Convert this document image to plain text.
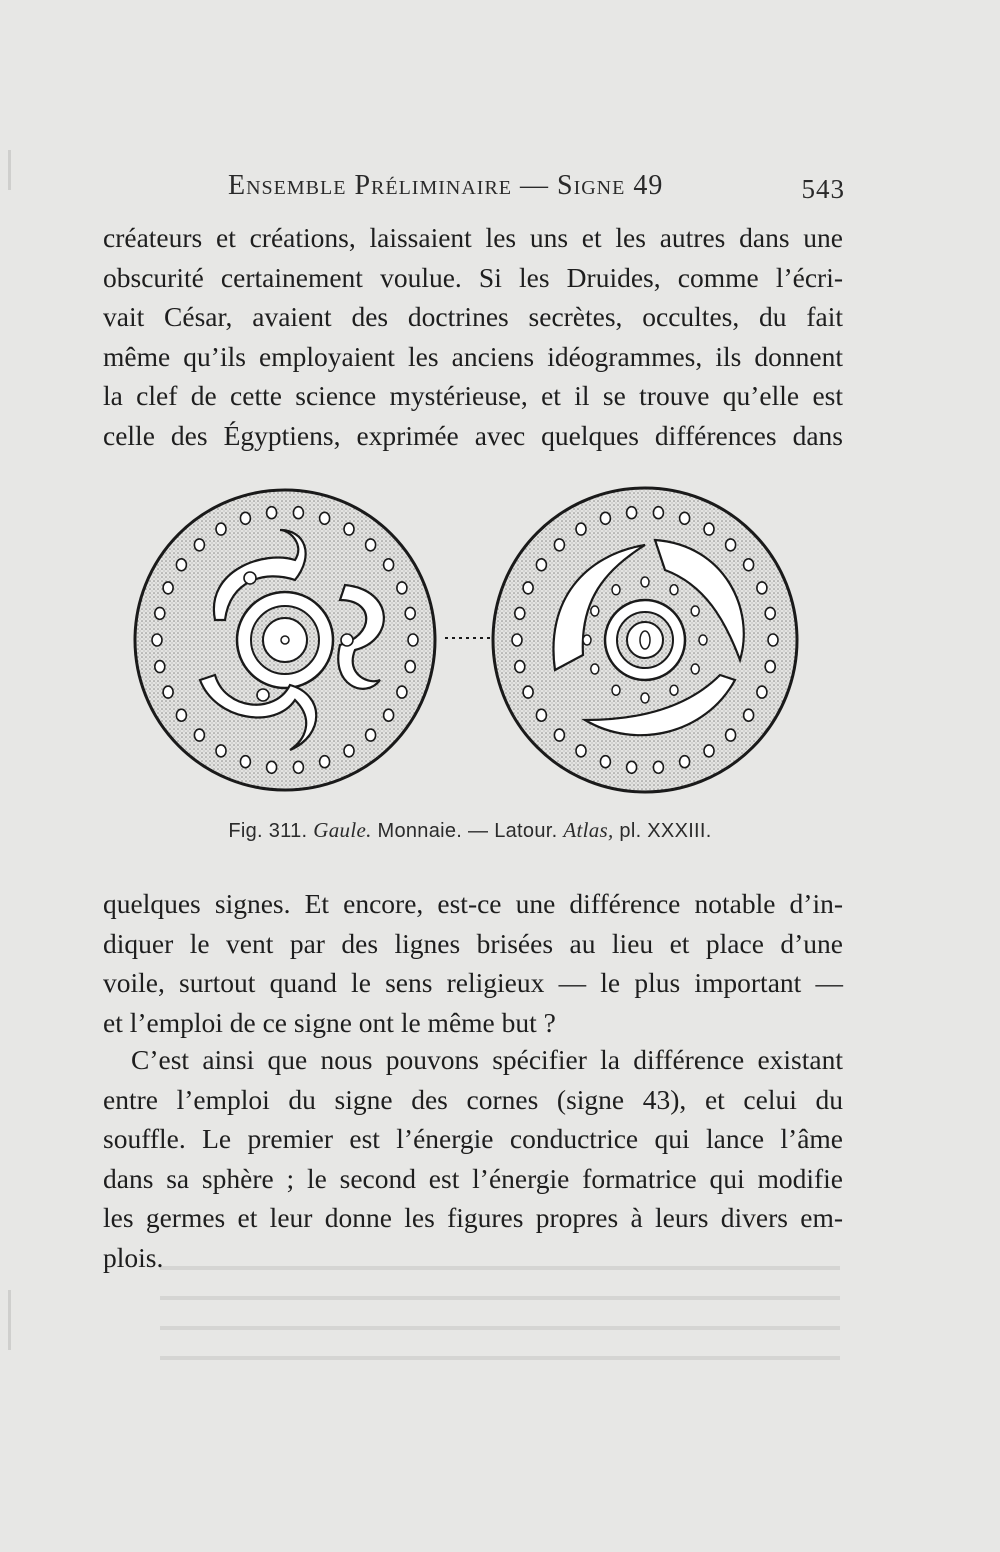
Ensemble Préliminaire — Signe 49	543
créateurs et créations, laissaient les uns et les autres dans une
obscurité certainement voulue. Si les Druides, comme l’écri-
vait César, avaient des doctrines secrètes, occultes, du fait
même qu’ils employaient les anciens idéogrammes, ils donnent
la clef de cette science mystérieuse, et il se trouve qu’elle est
celle des Égyptiens, exprimée avec quelques différences dans
Fig. 311. Gaule. Monnaie. — Latour. Atlas, pl. XXXIII.
quelques signes. Et encore, est-ce une différence notable d’in-
diquer le vent par des lignes brisées au lieu et place d’une
voile, surtout quand le sens religieux — le plus important —
et l’emploi de ce signe ont le même but ?
C’est ainsi que nous pouvons spécifier la différence existant
entre l’emploi du signe des cornes (signe 43), et celui du
souffle. Le premier est l’énergie conductrice qui lance l’âme
dans sa sphère ; le second est l’énergie formatrice qui modifie
les germes et leur donne les figures propres à leurs divers em-
plois.
